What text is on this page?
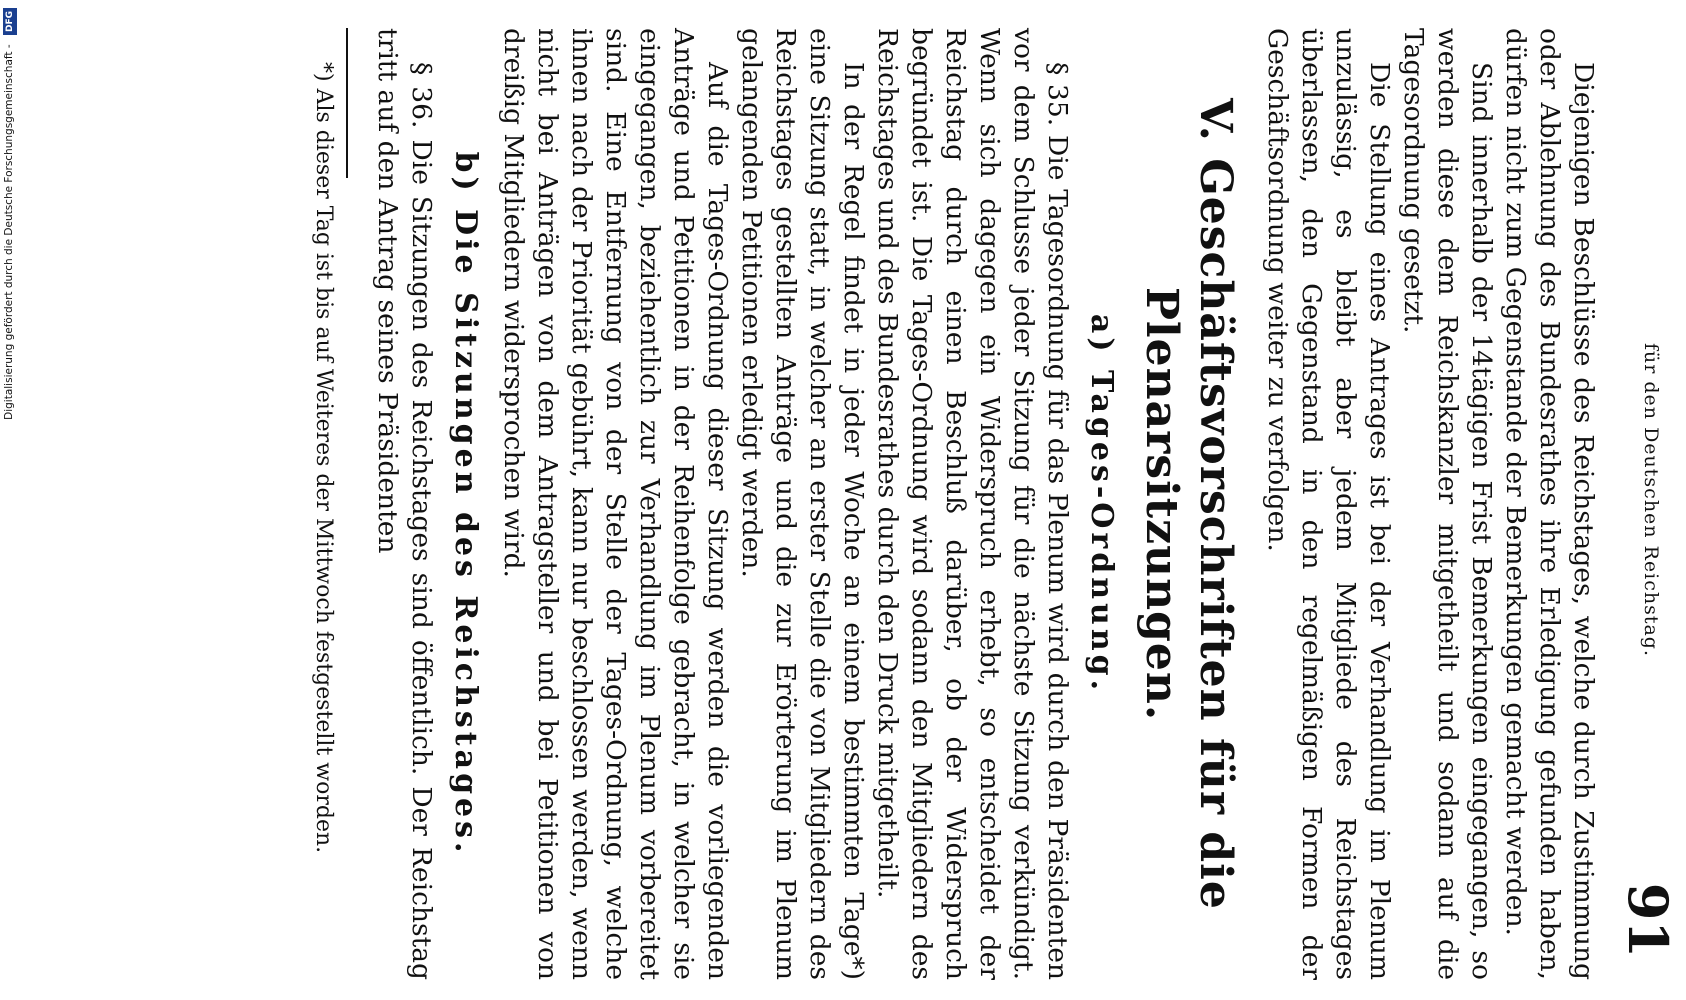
für den Deutschen Reichstag.
91

Diejenigen Beschlüsse des Reichstages, welche durch Zustimmung oder Ablehnung des Bundesrathes ihre Erledigung gefunden haben, dürfen nicht zum Gegenstande der Bemerkungen gemacht werden.

Sind innerhalb der 14tägigen Frist Bemerkungen eingegangen, so werden diese dem Reichskanzler mitgetheilt und sodann auf die Tagesordnung gesetzt.

Die Stellung eines Antrages ist bei der Verhandlung im Plenum unzulässig, es bleibt aber jedem Mitgliede des Reichstages überlassen, den Gegenstand in den regelmäßigen Formen der Geschäftsordnung weiter zu verfolgen.

V. Geschäftsvorschriften für die Plenarsitzungen.
a) Tages-Ordnung.

§ 35. Die Tagesordnung für das Plenum wird durch den Präsidenten vor dem Schlusse jeder Sitzung für die nächste Sitzung verkündigt. Wenn sich dagegen ein Widerspruch erhebt, so entscheidet der Reichstag durch einen Beschluß darüber, ob der Widerspruch begründet ist. Die Tages-Ordnung wird sodann den Mitgliedern des Reichstages und des Bundesrathes durch den Druck mitgetheilt.

In der Regel findet in jeder Woche an einem bestimmten Tage*) eine Sitzung statt, in welcher an erster Stelle die von Mitgliedern des Reichstages gestellten Anträge und die zur Erörterung im Plenum gelangenden Petitionen erledigt werden.

Auf die Tages-Ordnung dieser Sitzung werden die vorliegenden Anträge und Petitionen in der Reihenfolge gebracht, in welcher sie eingegangen, beziehentlich zur Verhandlung im Plenum vorbereitet sind. Eine Entfernung von der Stelle der Tages-Ordnung, welche ihnen nach der Priorität gebührt, kann nur beschlossen werden, wenn nicht bei Anträgen von dem Antragsteller und bei Petitionen von dreißig Mitgliedern widersprochen wird.

b) Die Sitzungen des Reichstages.

§ 36. Die Sitzungen des Reichstages sind öffentlich. Der Reichstag tritt auf den Antrag seines Präsidenten

*) Als dieser Tag ist bis auf Weiteres der Mittwoch festgestellt worden.

Digitalisierung gefördert durch die Deutsche Forschungsgemeinschaft - DFG
